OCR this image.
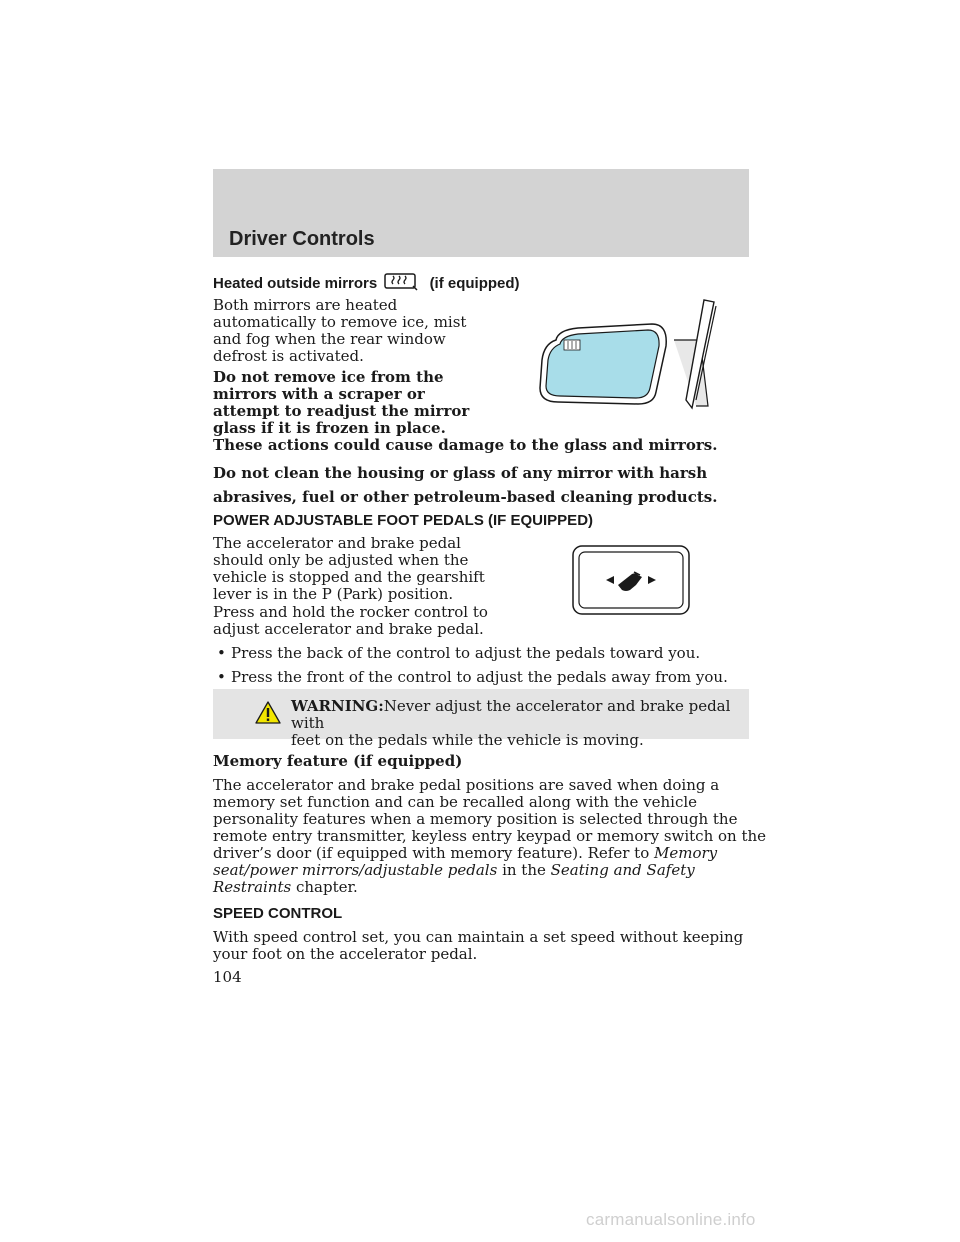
Driver Controls
Heated outside mirrors	(if equipped)
Both mirrors are heated
automatically to remove ice, mist
and fog when the rear window
defrost is activated.
Do not remove ice from the
mirrors with a scraper or
attempt to readjust the mirror
glass if it is frozen in place.
These actions could cause damage to the glass and mirrors.
Do not clean the housing or glass of any mirror with harsh
abrasives, fuel or other petroleum-based cleaning products.
POWER ADJUSTABLE FOOT PEDALS (IF EQUIPPED)
The accelerator and brake pedal
should only be adjusted when the
vehicle is stopped and the gearshift
lever is in the P (Park) position.
Press and hold the rocker control to
adjust accelerator and brake pedal.
• Press the back of the control to adjust the pedals toward you.
• Press the front of the control to adjust the pedals away from you.
WARNING:Never adjust the accelerator and brake pedal with
feet on the pedals while the vehicle is moving.
Memory feature (if equipped)
The accelerator and brake pedal positions are saved when doing a
memory set function and can be recalled along with the vehicle
personality features when a memory position is selected through the
remote entry transmitter, keyless entry keypad or memory switch on the
driver’s door (if equipped with memory feature). Refer to Memory
seat/power mirrors/adjustable pedals in the Seating and Safety
Restraints chapter.
SPEED CONTROL
With speed control set, you can maintain a set speed without keeping
your foot on the accelerator pedal.
104
carmanualsonline.info
